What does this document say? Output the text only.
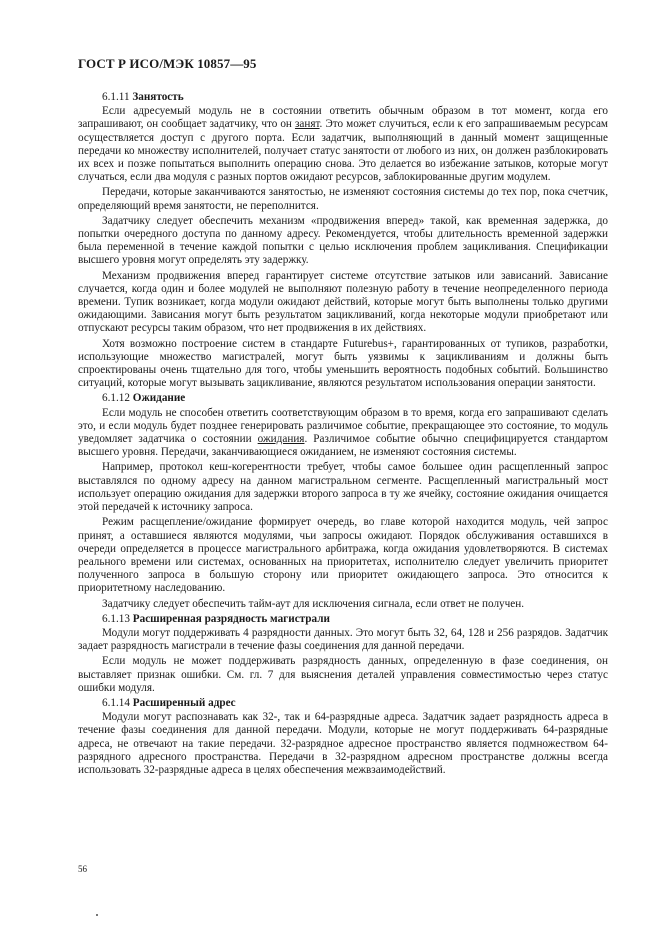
ГОСТ Р ИСО/МЭК 10857—95
6.1.11 Занятость

Если адресуемый модуль не в состоянии ответить обычным образом в тот момент, когда его запрашивают, он сообщает задатчику, что он занят. Это может случиться, если к его запрашиваемым ресурсам осуществляется доступ с другого порта. Если задатчик, выполняющий в данный момент защищенные передачи ко множеству исполнителей, получает статус занятости от любого из них, он должен разблокировать их всех и позже попытаться выполнить операцию снова. Это делается во избежание затыков, которые могут случаться, если два модуля с разных портов ожидают ресурсов, заблокированные другим модулем.

Передачи, которые заканчиваются занятостью, не изменяют состояния системы до тех пор, пока счетчик, определяющий время занятости, не переполнится.

Задатчику следует обеспечить механизм «продвижения вперед» такой, как временная задержка, до попытки очередного доступа по данному адресу. Рекомендуется, чтобы длительность временной задержки была переменной в течение каждой попытки с целью исключения проблем зацикливания. Спецификации высшего уровня могут определять эту задержку.

Механизм продвижения вперед гарантирует системе отсутствие затыков или зависаний. Зависание случается, когда один и более модулей не выполняют полезную работу в течение неопределенного периода времени. Тупик возникает, когда модули ожидают действий, которые могут быть выполнены только другими ожидающими. Зависания могут быть результатом зацикливаний, когда некоторые модули приобретают или отпускают ресурсы таким образом, что нет продвижения в их действиях.

Хотя возможно построение систем в стандарте Futurebus+, гарантированных от тупиков, разработки, использующие множество магистралей, могут быть уязвимы к зацикливаниям и должны быть спроектированы очень тщательно для того, чтобы уменьшить вероятность подобных событий. Большинство ситуаций, которые могут вызывать зацикливание, являются результатом использования операции занятости.

6.1.12 Ожидание

Если модуль не способен ответить соответствующим образом в то время, когда его запрашивают сделать это, и если модуль будет позднее генерировать различимое событие, прекращающее это состояние, то модуль уведомляет задатчика о состоянии ожидания. Различимое событие обычно специфицируется стандартом высшего уровня. Передачи, заканчивающиеся ожиданием, не изменяют состояния системы.

Например, протокол кеш-когерентности требует, чтобы самое большее один расщепленный запрос выставлялся по одному адресу на данном магистральном сегменте. Расщепленный магистральный мост использует операцию ожидания для задержки второго запроса в ту же ячейку, состояние ожидания очищается этой передачей к источнику запроса.

Режим расщепление/ожидание формирует очередь, во главе которой находится модуль, чей запрос принят, а оставшиеся являются модулями, чьи запросы ожидают. Порядок обслуживания оставшихся в очереди определяется в процессе магистрального арбитража, когда ожидания удовлетворяются. В системах реального времени или системах, основанных на приоритетах, исполнителю следует увеличить приоритет полученного запроса в большую сторону или приоритет ожидающего запроса. Это относится к приоритетному наследованию.

Задатчику следует обеспечить тайм-аут для исключения сигнала, если ответ не получен.

6.1.13 Расширенная разрядность магистрали

Модули могут поддерживать 4 разрядности данных. Это могут быть 32, 64, 128 и 256 разрядов. Задатчик задает разрядность магистрали в течение фазы соединения для данной передачи.

Если модуль не может поддерживать разрядность данных, определенную в фазе соединения, он выставляет признак ошибки. См. гл. 7 для выяснения деталей управления совместимостью через статус ошибки модуля.

6.1.14 Расширенный адрес

Модули могут распознавать как 32-, так и 64-разрядные адреса. Задатчик задает разрядность адреса в течение фазы соединения для данной передачи. Модули, которые не могут поддерживать 64-разрядные адреса, не отвечают на такие передачи. 32-разрядное адресное пространство является подмножеством 64-разрядного адресного пространства. Передачи в 32-разрядном адресном пространстве должны всегда использовать 32-разрядные адреса в целях обеспечения межвзаимодействий.

56
